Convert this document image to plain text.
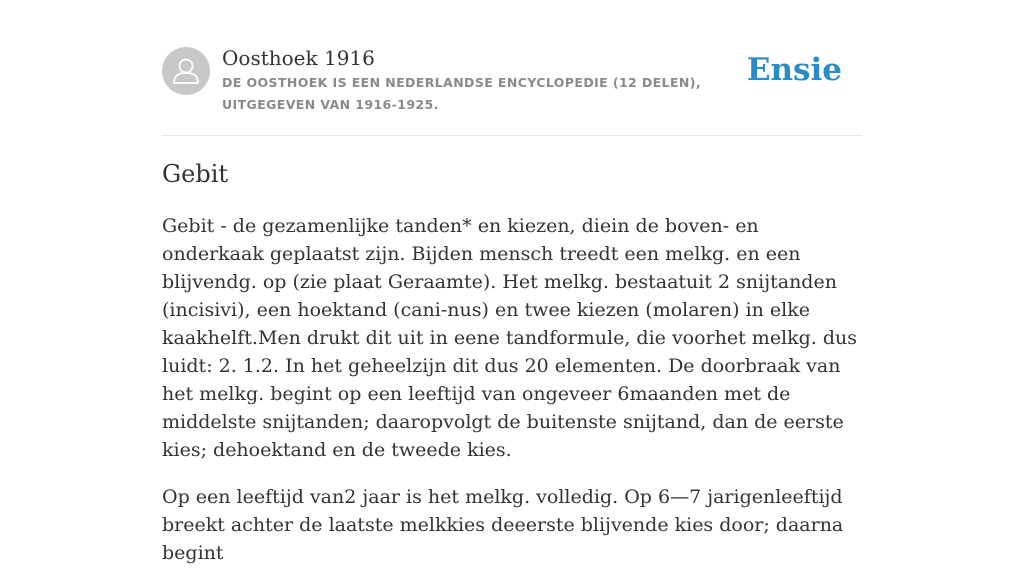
Oosthoek 1916
DE OOSTHOEK IS EEN NEDERLANDSE ENCYCLOPEDIE (12 DELEN), UITGEGEVEN VAN 1916-1925.
Ensie
Gebit

Gebit - de gezamenlijke tanden* en kiezen, diein de boven- en onderkaak geplaatst zijn. Bijden mensch treedt een melkg. en een blijvendg. op (zie plaat Geraamte). Het melkg. bestaatuit 2 snijtanden (incisivi), een hoektand (cani-nus) en twee kiezen (molaren) in elke kaakhelft.Men drukt dit uit in eene tandformule, die voorhet melkg. dus luidt: 2. 1.2. In het geheelzijn dit dus 20 elementen. De doorbraak van het melkg. begint op een leeftijd van ongeveer 6maanden met de middelste snijtanden; daaropvolgt de buitenste snijtand, dan de eerste kies; dehoektand en de tweede kies.

Op een leeftijd van2 jaar is het melkg. volledig. Op 6—7 jarigenleeftijd breekt achter de laatste melkkies deeerste blijvende kies door; daarna begint
